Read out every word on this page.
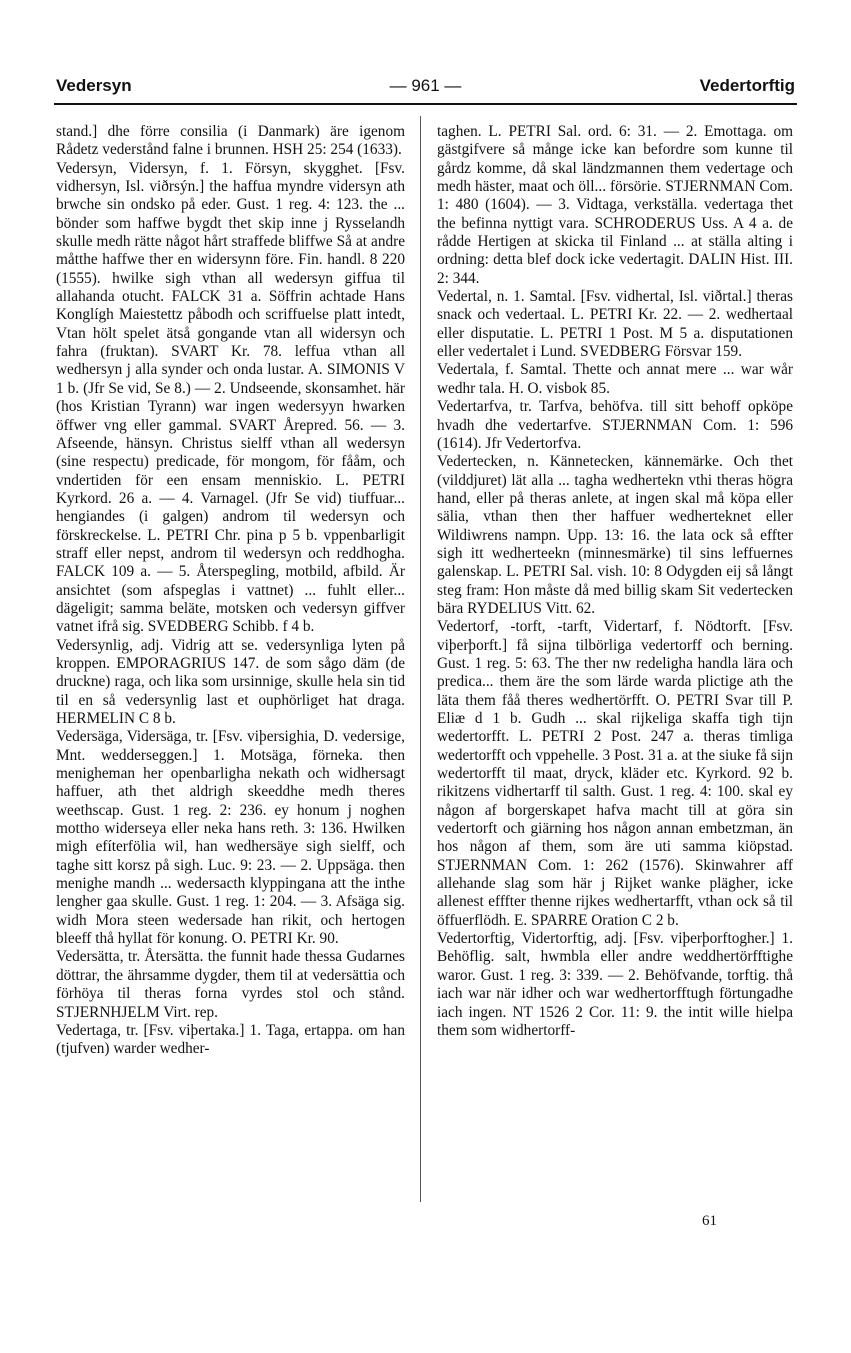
Vedersyn	— 961 —	Vedertorftig

stand.] dhe förre consilia (i Danmark) äre igenom Rådetz vederstånd falne i brunnen. HSH 25: 254 (1633).

Vedersyn, Vidersyn, f. 1. Försyn, skygghet. [Fsv. vidhersyn, Isl. viðrsýn.] the haffua myndre vidersyn ath brwche sin ondsko på eder. Gust. 1 reg. 4: 123. the ... bönder som haffwe bygdt thet skip inne j Rysselandh skulle medh rätte något hårt straffede bliffwe Så at andre måtthe haffwe ther en widersynn före. Fin. handl. 8 220 (1555). hwilke sigh vthan all wedersyn giffua til allahanda otucht. FALCK 31 a. Söffrin achtade Hans Konglígh Maiestettz påbodh och scriffuelse platt intedt, Vtan hölt spelet ätså gongande vtan all widersyn och fahra (fruktan). SVART Kr. 78. leffua vthan all wedhersyn j alla synder och onda lustar. A. SIMONIS V 1 b. (Jfr Se vid, Se 8.) — 2. Undseende, skonsamhet. här (hos Kristian Tyrann) war ingen wedersyyn hwarken öffwer vng eller gammal. SVART Årepred. 56. — 3. Afseende, hänsyn. Christus sielff vthan all wedersyn (sine respectu) predicade, för mongom, för fååm, och vndertiden för een ensam menniskio. L. PETRI Kyrkord. 26 a. — 4. Varnagel. (Jfr Se vid) tiuffuar... hengiandes (i galgen) androm til wedersyn och förskreckelse. L. PETRI Chr. pina p 5 b. vppenbarligit straff eller nepst, androm til wedersyn och reddhogha. FALCK 109 a. — 5. Återspegling, motbild, afbild. Är ansichtet (som afspeglas i vattnet) ... fuhlt eller... dägeligit; samma beläte, motsken och vedersyn giffver vatnet ifrå sig. SVEDBERG Schibb. f 4 b.

Vedersynlig, adj. Vidrig att se. vedersynliga lyten på kroppen. EMPORAGRIUS 147. de som sågo däm (de druckne) raga, och lika som ursinnige, skulle hela sin tid til en så vedersynlig last et ouphörliget hat draga. HERMELIN C 8 b.

Vedersäga, Vidersäga, tr. [Fsv. viþersighia, D. vedersige, Mnt. wedderseggen.] 1. Motsäga, förneka. then menigheman her openbarligha nekath och widhersagt haffuer, ath thet aldrigh skeeddhe medh theres weethscap. Gust. 1 reg. 2: 236. ey honum j noghen mottho widerseya eller neka hans reth. 3: 136. Hwilken migh efíterfölia wil, han wedhersäye sigh sielff, och taghe sitt korsz på sigh. Luc. 9: 23. — 2. Uppsäga. then menighe mandh ... wedersacth klyppingana att the inthe lengher gaa skulle. Gust. 1 reg. 1: 204. — 3. Afsäga sig. widh Mora steen wedersade han rikit, och hertogen bleeff thå hyllat för konung. O. PETRI Kr. 90.

Vedersätta, tr. Återsätta. the funnit hade thessa Gudarnes döttrar, the ährsamme dygder, them til at vedersättia och förhöya til theras forna vyrdes stol och stånd. STJERNHJELM Virt. rep.

Vedertaga, tr. [Fsv. viþertaka.] 1. Taga, ertappa. om han (tjufven) warder wedher-

taghen. L. PETRI Sal. ord. 6: 31. — 2. Emottaga. om gästgifvere så månge icke kan befordre som kunne til gårdz komme, då skal ländzmannen them vedertage och medh häster, maat och öll... försörie. STJERNMAN Com. 1: 480 (1604). — 3. Vidtaga, verkställa. vedertaga thet the befinna nyttigt vara. SCHRODERUS Uss. A 4 a. de rådde Hertigen at skicka til Finland ... at ställa alting i ordning: detta blef dock icke vedertagit. DALIN Hist. III. 2: 344.

Vedertal, n. 1. Samtal. [Fsv. vidhertal, Isl. viðrtal.] theras snack och vedertaal. L. PETRI Kr. 22. — 2. wedhertaal eller disputatie. L. PETRI 1 Post. M 5 a. disputationen eller vedertalet i Lund. SVEDBERG Försvar 159.

Vedertala, f. Samtal. Thette och annat mere ... war wår wedhr tala. H. O. visbok 85.

Vedertarfva, tr. Tarfva, behöfva. till sitt behoff opköpe hvadh dhe vedertarfve. STJERNMAN Com. 1: 596 (1614). Jfr Vedertorfva.

Vedertecken, n. Kännetecken, kännemärke. Och thet (vilddjuret) lät alla ... tagha wedhertekn vthi theras högra hand, eller på theras anlete, at ingen skal må köpa eller sälia, vthan then ther haffuer wedherteknet eller Wildiwrens nampn. Upp. 13: 16. the lata ock så effter sigh itt wedherteekn (minnesmärke) til sins leffuernes galenskap. L. PETRI Sal. vish. 10: 8 Odygden eij så långt steg fram: Hon måste då med billig skam Sit vedertecken bära RYDELIUS Vitt. 62.

Vedertorf, -torft, -tarft, Vidertarf, f. Nödtorft. [Fsv. viþerþorft.] få sijna tilbörliga vedertorff och berning. Gust. 1 reg. 5: 63. The ther nw redeligha handla lära och predica... them äre the som lärde warda plictige ath the läta them fåå theres wedhertörfft. O. PETRI Svar till P. Eliæ d 1 b. Gudh ... skal rijkeliga skaffa tigh tijn wedertorfft. L. PETRI 2 Post. 247 a. theras timliga wedertorfft och vppehelle. 3 Post. 31 a. at the siuke få sijn wedertorfft til maat, dryck, kläder etc. Kyrkord. 92 b. rikitzens vidhertarff til salth. Gust. 1 reg. 4: 100. skal ey någon af borgerskapet hafva macht till at göra sin vedertorft och giärning hos någon annan embetzman, än hos någon af them, som äre uti samma kiöpstad. STJERNMAN Com. 1: 262 (1576). Skinwahrer aff allehande slag som här j Rijket wanke plägher, icke allenest efffter thenne rijkes wedhertarfft, vthan ock så til öffuerflödh. E. SPARRE Oration C 2 b.

Vedertorftig, Vidertorftig, adj. [Fsv. viþerþorftogher.] 1. Behöflig. salt, hwmbla eller andre weddhertörfftighe waror. Gust. 1 reg. 3: 339. — 2. Behöfvande, torftig. thå iach war när idher och war wedhertorfftugh förtungadhe iach ingen. NT 1526 2 Cor. 11: 9. the intit wille hielpa them som widhertorff-

61
